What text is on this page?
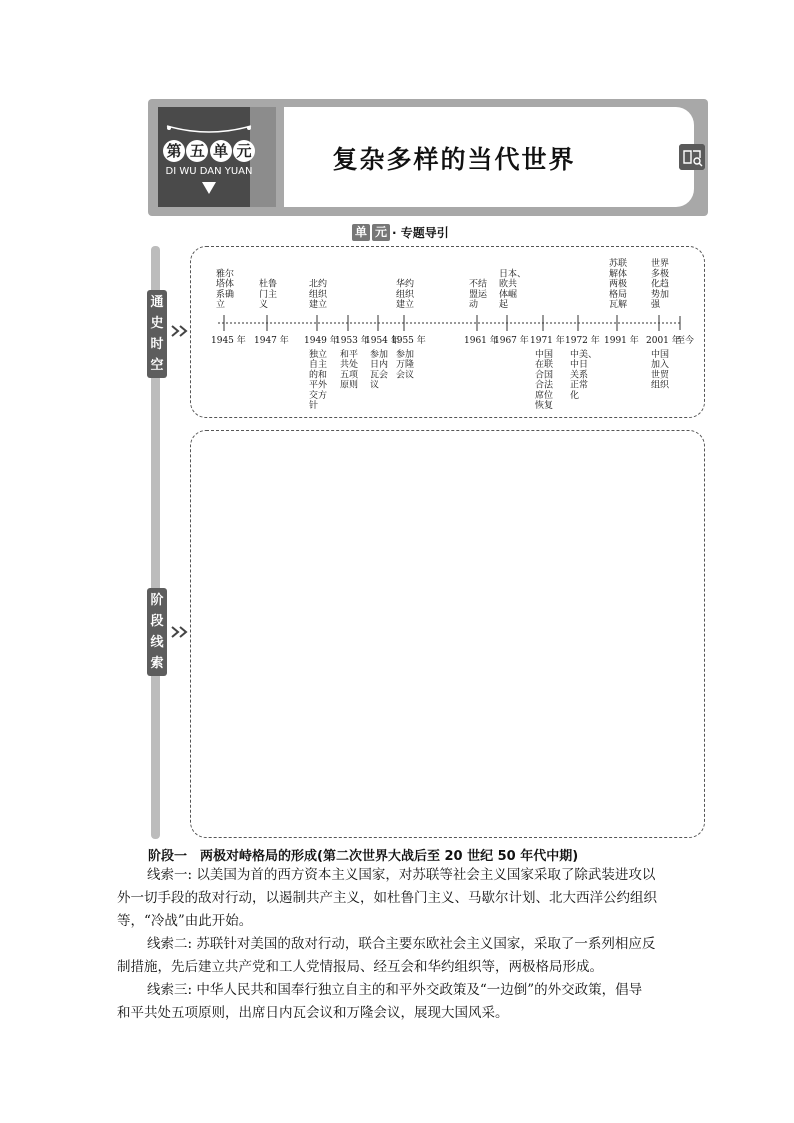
第 五 单 元
DI WU DAN YUAN	复杂多样的当代世界
单 元 · 专题导引
通
史
时
空
阶
段
线
索
1945 年
雅尔
塔体
系确
立
1947 年
杜鲁
门主
义
1949 年
北约
组织
建立
独立
自主
的和
平外
交方
针
1953 年
和平
共处
五项
原则
1954 年
参加
日内
瓦会
议
1955 年
华约
组织
建立
参加
万隆
会议
1961 年
不结
盟运
动
1967 年
日本、
欧共
体崛
起
1971 年
中国
在联
合国
合法
席位
恢复
1972 年
中美、
中日
关系
正常
化
1991 年
苏联
解体
两极
格局
瓦解
2001 年
世界
多极
化趋
势加
强
中国
加入
世贸
组织
至今
阶段一　两极对峙格局的形成(第二次世界大战后至 20 世纪 50 年代中期)
线索一: 以美国为首的西方资本主义国家，对苏联等社会主义国家采取了除武装进攻以
外一切手段的敌对行动，以遏制共产主义，如杜鲁门主义、马歇尔计划、北大西洋公约组织
等，“冷战”由此开始。
线索二: 苏联针对美国的敌对行动，联合主要东欧社会主义国家，采取了一系列相应反
制措施，先后建立共产党和工人党情报局、经互会和华约组织等，两极格局形成。
线索三: 中华人民共和国奉行独立自主的和平外交政策及“一边倒”的外交政策，倡导
和平共处五项原则，出席日内瓦会议和万隆会议，展现大国风采。
